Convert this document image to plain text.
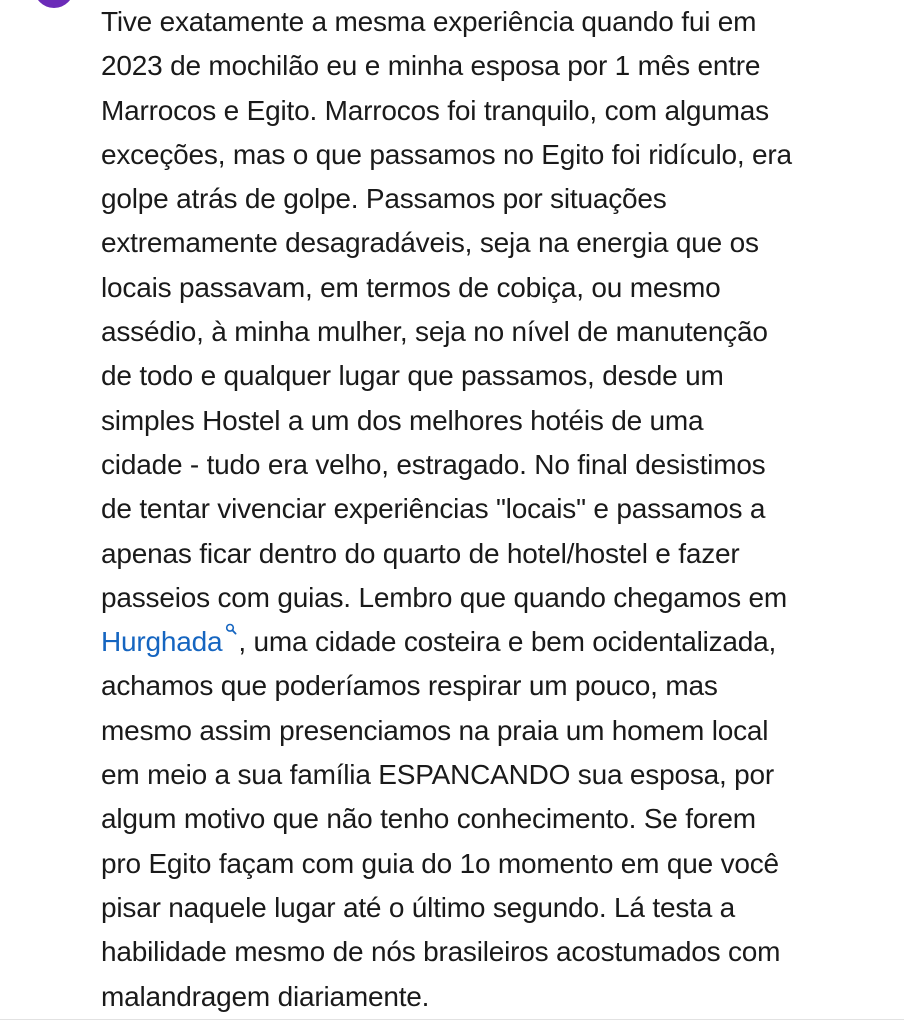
Tive exatamente a mesma experiência quando fui em
2023 de mochilão eu e minha esposa por 1 mês entre
Marrocos e Egito. Marrocos foi tranquilo, com algumas
exceções, mas o que passamos no Egito foi ridículo, era
golpe atrás de golpe. Passamos por situações
extremamente desagradáveis, seja na energia que os
locais passavam, em termos de cobiça, ou mesmo
assédio, à minha mulher, seja no nível de manutenção
de todo e qualquer lugar que passamos, desde um
simples Hostel a um dos melhores hotéis de uma
cidade - tudo era velho, estragado. No final desistimos
de tentar vivenciar experiências "locais" e passamos a
apenas ficar dentro do quarto de hotel/hostel e fazer
passeios com guias. Lembro que quando chegamos em
Hurghada , uma cidade costeira e bem ocidentalizada,
achamos que poderíamos respirar um pouco, mas
mesmo assim presenciamos na praia um homem local
em meio a sua família ESPANCANDO sua esposa, por
algum motivo que não tenho conhecimento. Se forem
pro Egito façam com guia do 1o momento em que você
pisar naquele lugar até o último segundo. Lá testa a
habilidade mesmo de nós brasileiros acostumados com
malandragem diariamente.
